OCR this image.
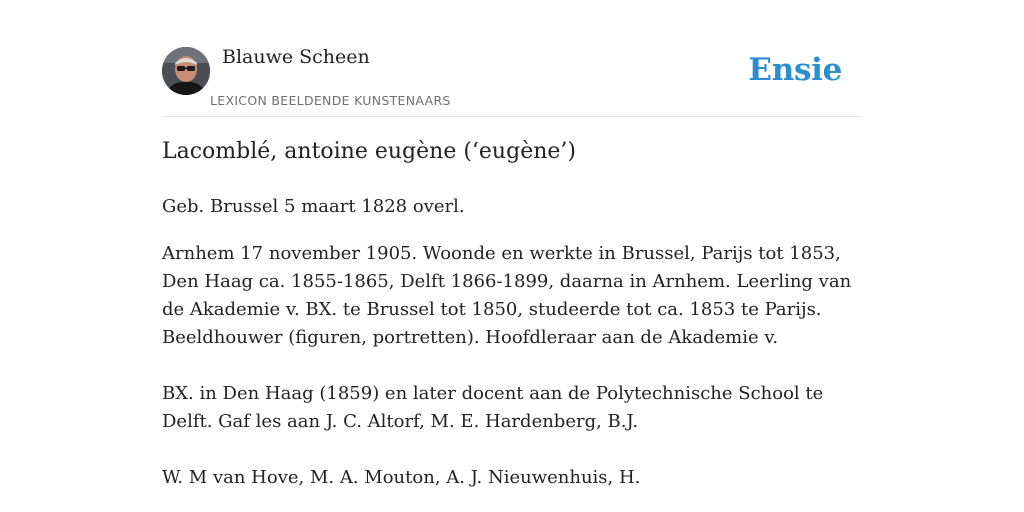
Blauwe Scheen
LEXICON BEELDENDE KUNSTENAARS
Ensie
Lacomblé, antoine eugène (‘eugène’)

Geb. Brussel 5 maart 1828 overl.

Arnhem 17 november 1905. Woonde en werkte in Brussel, Parijs tot 1853, Den Haag ca. 1855-1865, Delft 1866-1899, daarna in Arnhem. Leerling van de Akademie v. BX. te Brussel tot 1850, studeerde tot ca. 1853 te Parijs. Beeldhouwer (figuren, portretten). Hoofdleraar aan de Akademie v.

BX. in Den Haag (1859) en later docent aan de Polytechnische School te Delft. Gaf les aan J. C. Altorf, M. E. Hardenberg, B.J.

W. M van Hove, M. A. Mouton, A. J. Nieuwenhuis, H.
